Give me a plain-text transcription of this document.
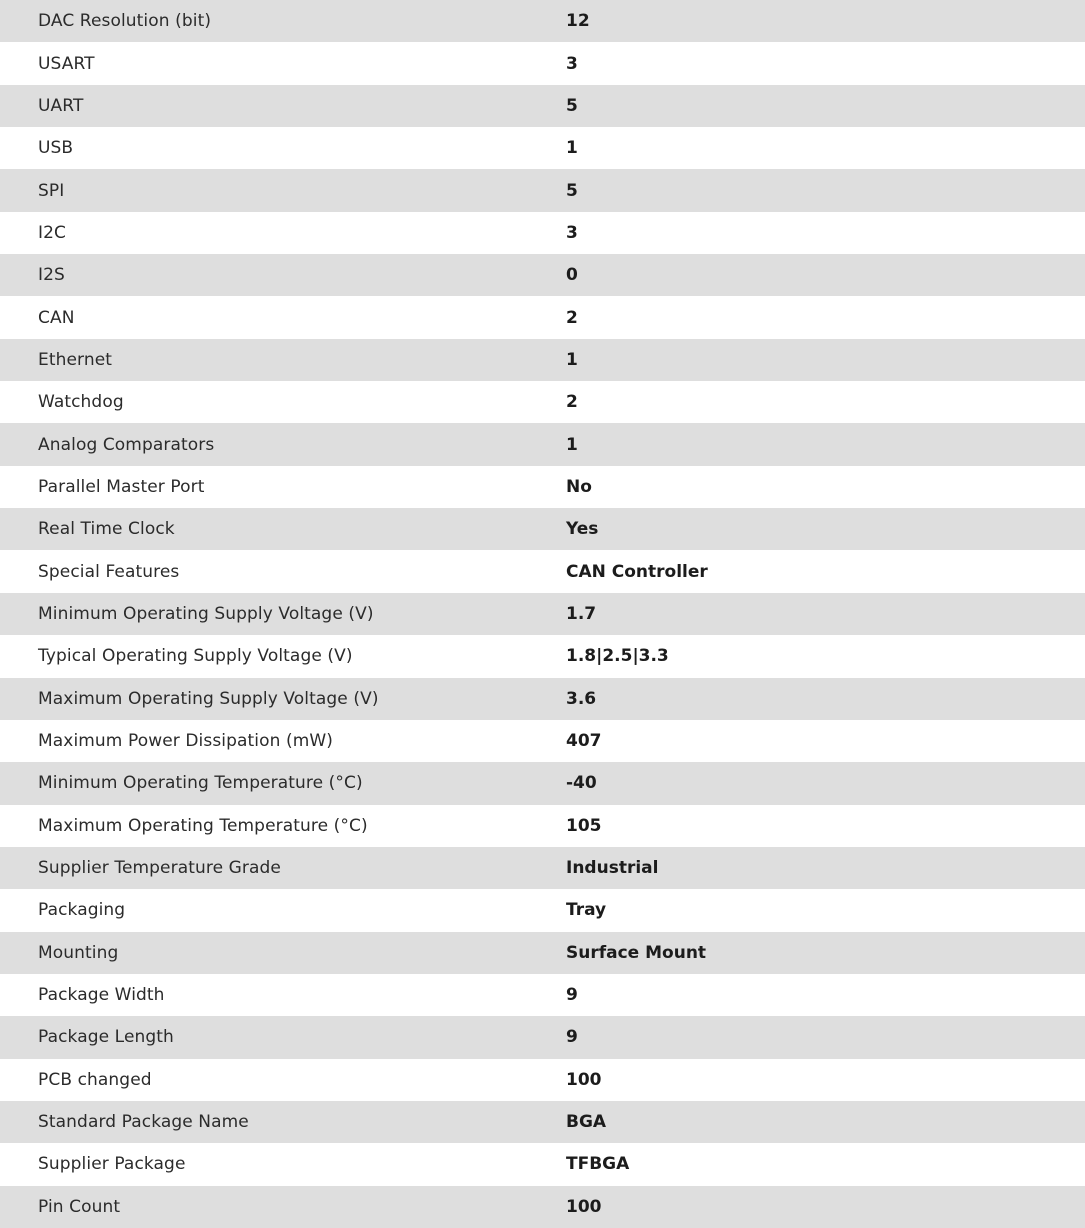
DAC Resolution (bit)	12
USART	3
UART	5
USB	1
SPI	5
I2C	3
I2S	0
CAN	2
Ethernet	1
Watchdog	2
Analog Comparators	1
Parallel Master Port	No
Real Time Clock	Yes
Special Features	CAN Controller
Minimum Operating Supply Voltage (V)	1.7
Typical Operating Supply Voltage (V)	1.8|2.5|3.3
Maximum Operating Supply Voltage (V)	3.6
Maximum Power Dissipation (mW)	407
Minimum Operating Temperature (°C)	-40
Maximum Operating Temperature (°C)	105
Supplier Temperature Grade	Industrial
Packaging	Tray
Mounting	Surface Mount
Package Width	9
Package Length	9
PCB changed	100
Standard Package Name	BGA
Supplier Package	TFBGA
Pin Count	100
